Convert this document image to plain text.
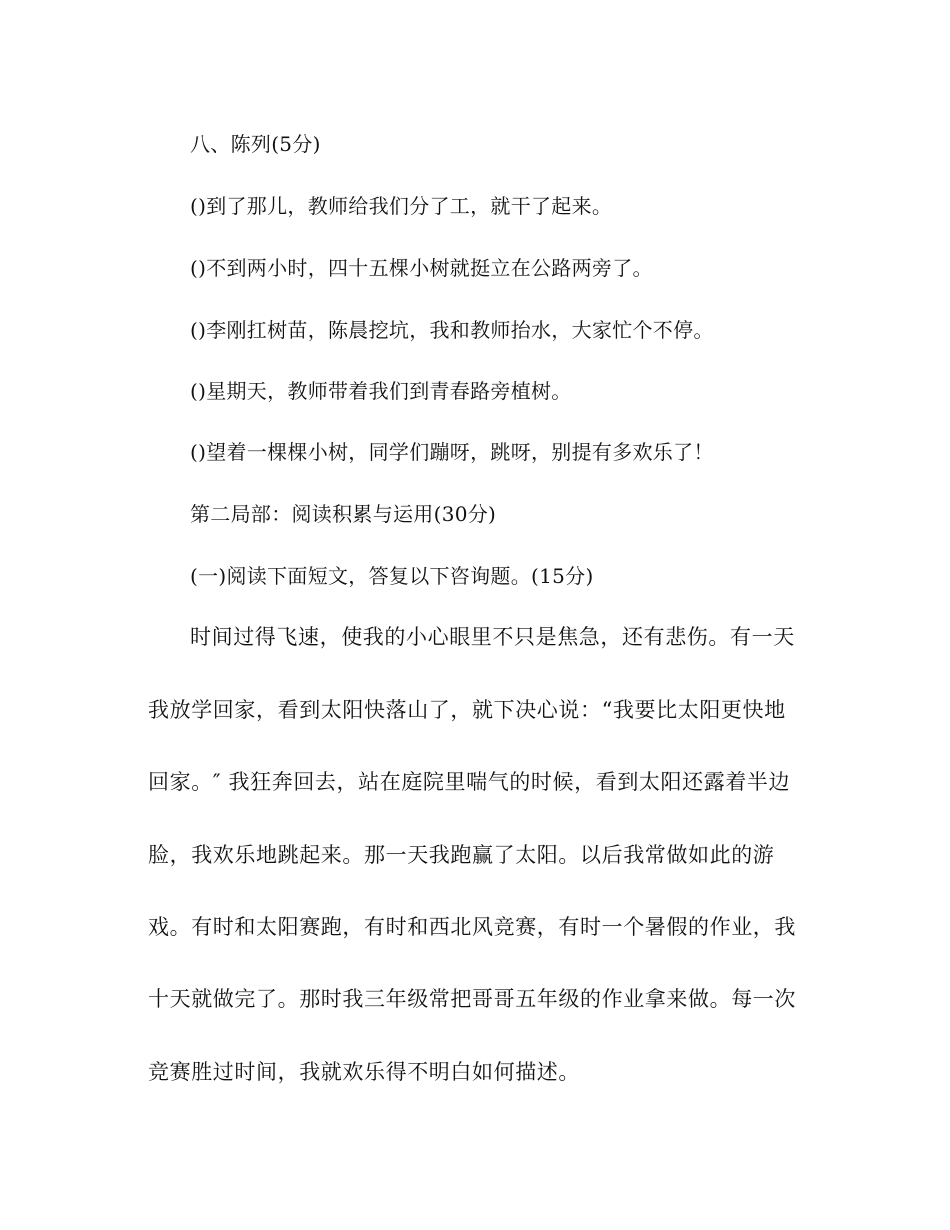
八、陈列(5分)
()到了那儿，教师给我们分了工，就干了起来。
()不到两小时，四十五棵小树就挺立在公路两旁了。
()李刚扛树苗，陈晨挖坑，我和教师抬水，大家忙个不停。
()星期天，教师带着我们到青春路旁植树。
()望着一棵棵小树，同学们蹦呀，跳呀，别提有多欢乐了！
第二局部：阅读积累与运用(30分)
(一)阅读下面短文，答复以下咨询题。(15分)
时间过得飞速，使我的小心眼里不只是焦急，还有悲伤。有一天
我放学回家，看到太阳快落山了，就下决心说：“我要比太阳更快地
回家。″ 我狂奔回去，站在庭院里喘气的时候，看到太阳还露着半边
脸，我欢乐地跳起来。那一天我跑赢了太阳。以后我常做如此的游
戏。有时和太阳赛跑，有时和西北风竞赛，有时一个暑假的作业，我
十天就做完了。那时我三年级常把哥哥五年级的作业拿来做。每一次
竞赛胜过时间，我就欢乐得不明白如何描述。
